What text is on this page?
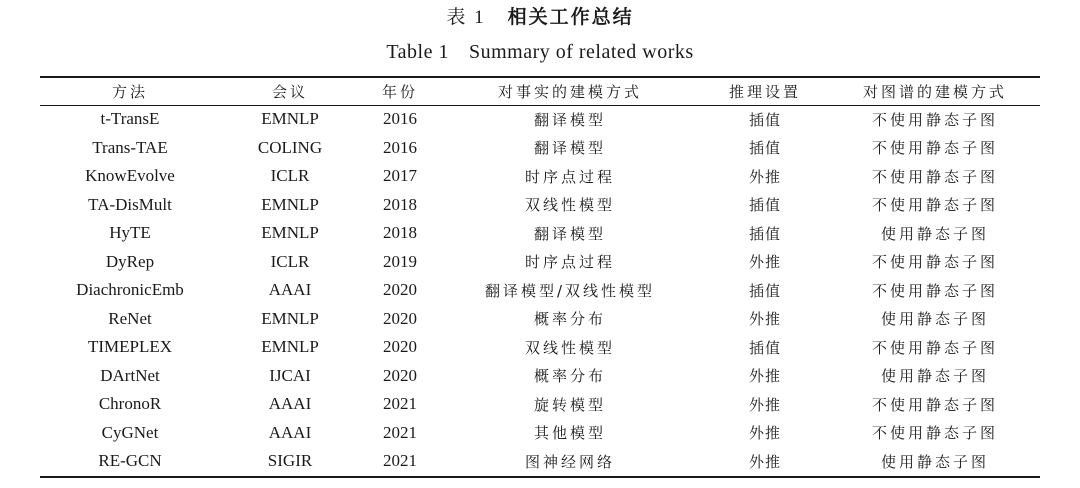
表 1 相关工作总结
Table 1 Summary of related works
方法	会议	年份	对事实的建模方式	推理设置	对图谱的建模方式
t-TransE	EMNLP	2016	翻译模型	插值	不使用静态子图
Trans-TAE	COLING	2016	翻译模型	插值	不使用静态子图
KnowEvolve	ICLR	2017	时序点过程	外推	不使用静态子图
TA-DisMult	EMNLP	2018	双线性模型	插值	不使用静态子图
HyTE	EMNLP	2018	翻译模型	插值	使用静态子图
DyRep	ICLR	2019	时序点过程	外推	不使用静态子图
DiachronicEmb	AAAI	2020	翻译模型/双线性模型	插值	不使用静态子图
ReNet	EMNLP	2020	概率分布	外推	使用静态子图
TIMEPLEX	EMNLP	2020	双线性模型	插值	不使用静态子图
DArtNet	IJCAI	2020	概率分布	外推	使用静态子图
ChronoR	AAAI	2021	旋转模型	外推	不使用静态子图
CyGNet	AAAI	2021	其他模型	外推	不使用静态子图
RE-GCN	SIGIR	2021	图神经网络	外推	使用静态子图
